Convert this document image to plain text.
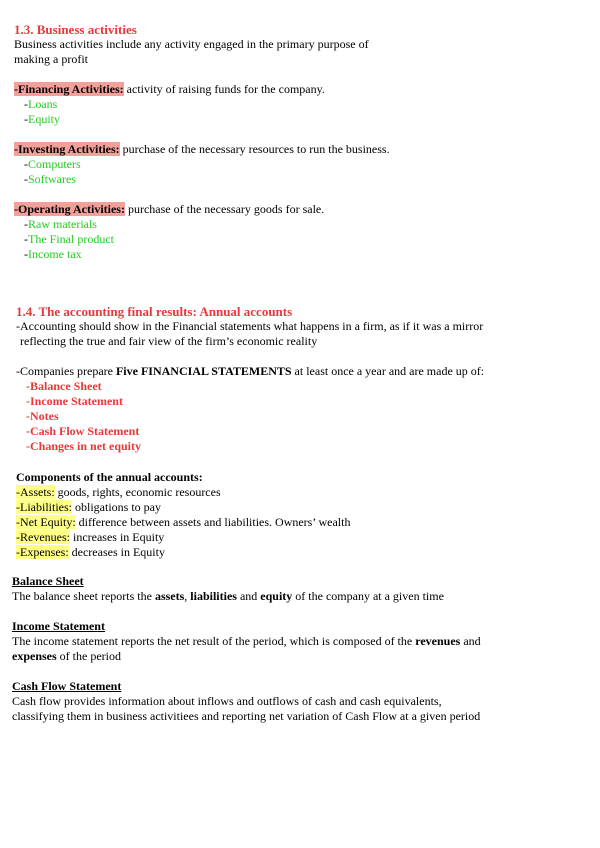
1.3. Business activities
Business activities include any activity engaged in the primary purpose of
making a profit
-Financing Activities: activity of raising funds for the company.
-Loans
-Equity
-Investing Activities: purchase of the necessary resources to run the business.
-Computers
-Softwares
-Operating Activities: purchase of the necessary goods for sale.
-Raw materials
-The Final product
-Income tax
1.4. The accounting final results: Annual accounts
-Accounting should show in the Financial statements what happens in a firm, as if it was a mirror
reflecting the true and fair view of the firm’s economic reality
-Companies prepare Five FINANCIAL STATEMENTS at least once a year and are made up of:
-Balance Sheet
-Income Statement
-Notes
-Cash Flow Statement
-Changes in net equity
Components of the annual accounts:
-Assets: goods, rights, economic resources
-Liabilities: obligations to pay
-Net Equity: difference between assets and liabilities. Owners’ wealth
-Revenues: increases in Equity
-Expenses: decreases in Equity
Balance Sheet
The balance sheet reports the assets, liabilities and equity of the company at a given time
Income Statement
The income statement reports the net result of the period, which is composed of the revenues and
expenses of the period
Cash Flow Statement
Cash flow provides information about inflows and outflows of cash and cash equivalents,
classifying them in business activitiees and reporting net variation of Cash Flow at a given period
